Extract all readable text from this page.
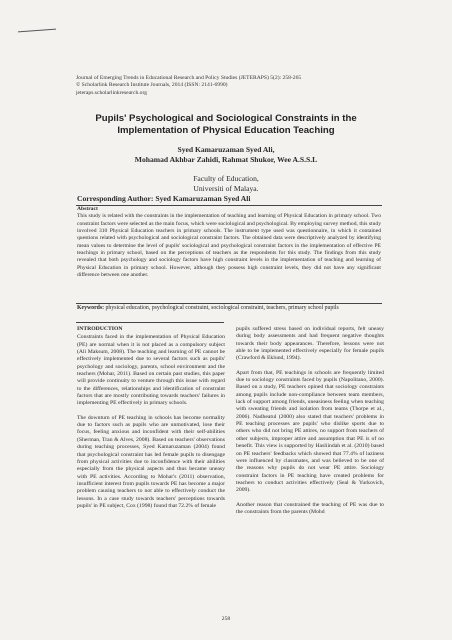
Journal of Emerging Trends in Educational Research and Policy Studies (JETERAPS) 5(2): 258-265
© Scholarlink Research Institute Journals, 2014 (ISSN: 2141-6990)
jeteraps.scholarlinkresearch.org
Pupils' Psychological and Sociological Constraints in the Implementation of Physical Education Teaching
Syed Kamaruzaman Syed Ali,
Mohamad Akhbar Zahidi, Rahmat Shukor, Wee A.S.S.L
Faculty of Education,
Universiti of Malaya.
Corresponding Author: Syed Kamaruzaman Syed Ali
Abstract
This study is related with the constraints in the implementation of teaching and learning of Physical Education in primary school. Two constraint factors were selected as the main focus, which were sociological and psychological. By employing survey method, this study involved 310 Physical Education teachers in primary schools. The instrument type used was questionnaire, in which it contained questions related with psychological and sociological constraint factors. The obtained data were descriptively analyzed by identifying mean values to determine the level of pupils' sociological and psychological constraint factors in the implementation of effective PE teachings in primary school, based on the perceptions of teachers as the respondents for this study. The findings from this study revealed that both psychology and sociology factors have high constraint levels in the implementation of teaching and learning of Physical Education in primary school. However, although they possess high constraint levels, they did not have any significant difference between one another.
Keywords: physical education, psychological constraint, sociological constraint, teachers, primary school pupils
INTRODUCTION

Constraints faced in the implementation of Physical Education (PE) are normal when it is not placed as a compulsory subject (Ali Maksum, 2008). The teaching and learning of PE cannot be effectively implemented due to several factors such as pupils' psychology and sociology, parents, school environment and the teachers (Mohar, 2011). Based on certain past studies, this paper will provide continuity to venture through this issue with regard to the differences, relationships and identification of constraint factors that are mostly contributing towards teachers' failures in implementing PE effectively in primary schools.

The downturn of PE teaching in schools has become normality due to factors such as pupils who are unmotivated, lose their focus, feeling anxious and inconfident with their self-abilities (Sherman, Tran & Alves, 2008). Based on teachers' observations during teaching processes, Syed Kamaruzaman (2004) found that psychological constraint has led female pupils to disengage from physical activities due to inconfidence with their abilities especially from the physical aspects and thus became uneasy with PE activities. According to Mohar's (2011) observation, insufficient interest from pupils towards PE has become a major problem causing teachers to not able to effectively conduct the lessons. In a case study towards teachers' perceptions towards pupils' in PE subject, Cox (1998) found that 72.2% of female

pupils suffered stress based on individual reports, felt uneasy during body assessments and had frequent negative thoughts towards their body appearances. Therefore, lessons were not able to be implemented effectively especially for female pupils (Crawford & Eklund, 1994).

Apart from that, PE teachings in schools are frequently limited due to sociology constraints faced by pupils (Napolitano, 2000). Based on a study, PE teachers opined that sociology constraints among pupils include non-compliance between team members, lack of support among friends, uneasiness feeling when teaching with sweating friends and isolation from teams (Thorpe et al., 2006). Nadheatul (2000) also stated that teachers' problems in PE teaching processes are pupils' who dislike sports due to others who did not bring PE attires, no support from teachers of other subjects, improper attire and assumption that PE is of no benefit. This view is supported by Hasliindah et al. (2010) based on PE teachers' feedbacks which showed that 77.4% of laziness were influenced by classmates, and was believed to be one of the reasons why pupils do not wear PE attire. Sociology constraint factors in PE teaching have created problems for teachers to conduct activities effectively (Seal & Yurkovich, 2009).

Another reason that constrained the teaching of PE was due to the constraints from the parents (Mohd

258
